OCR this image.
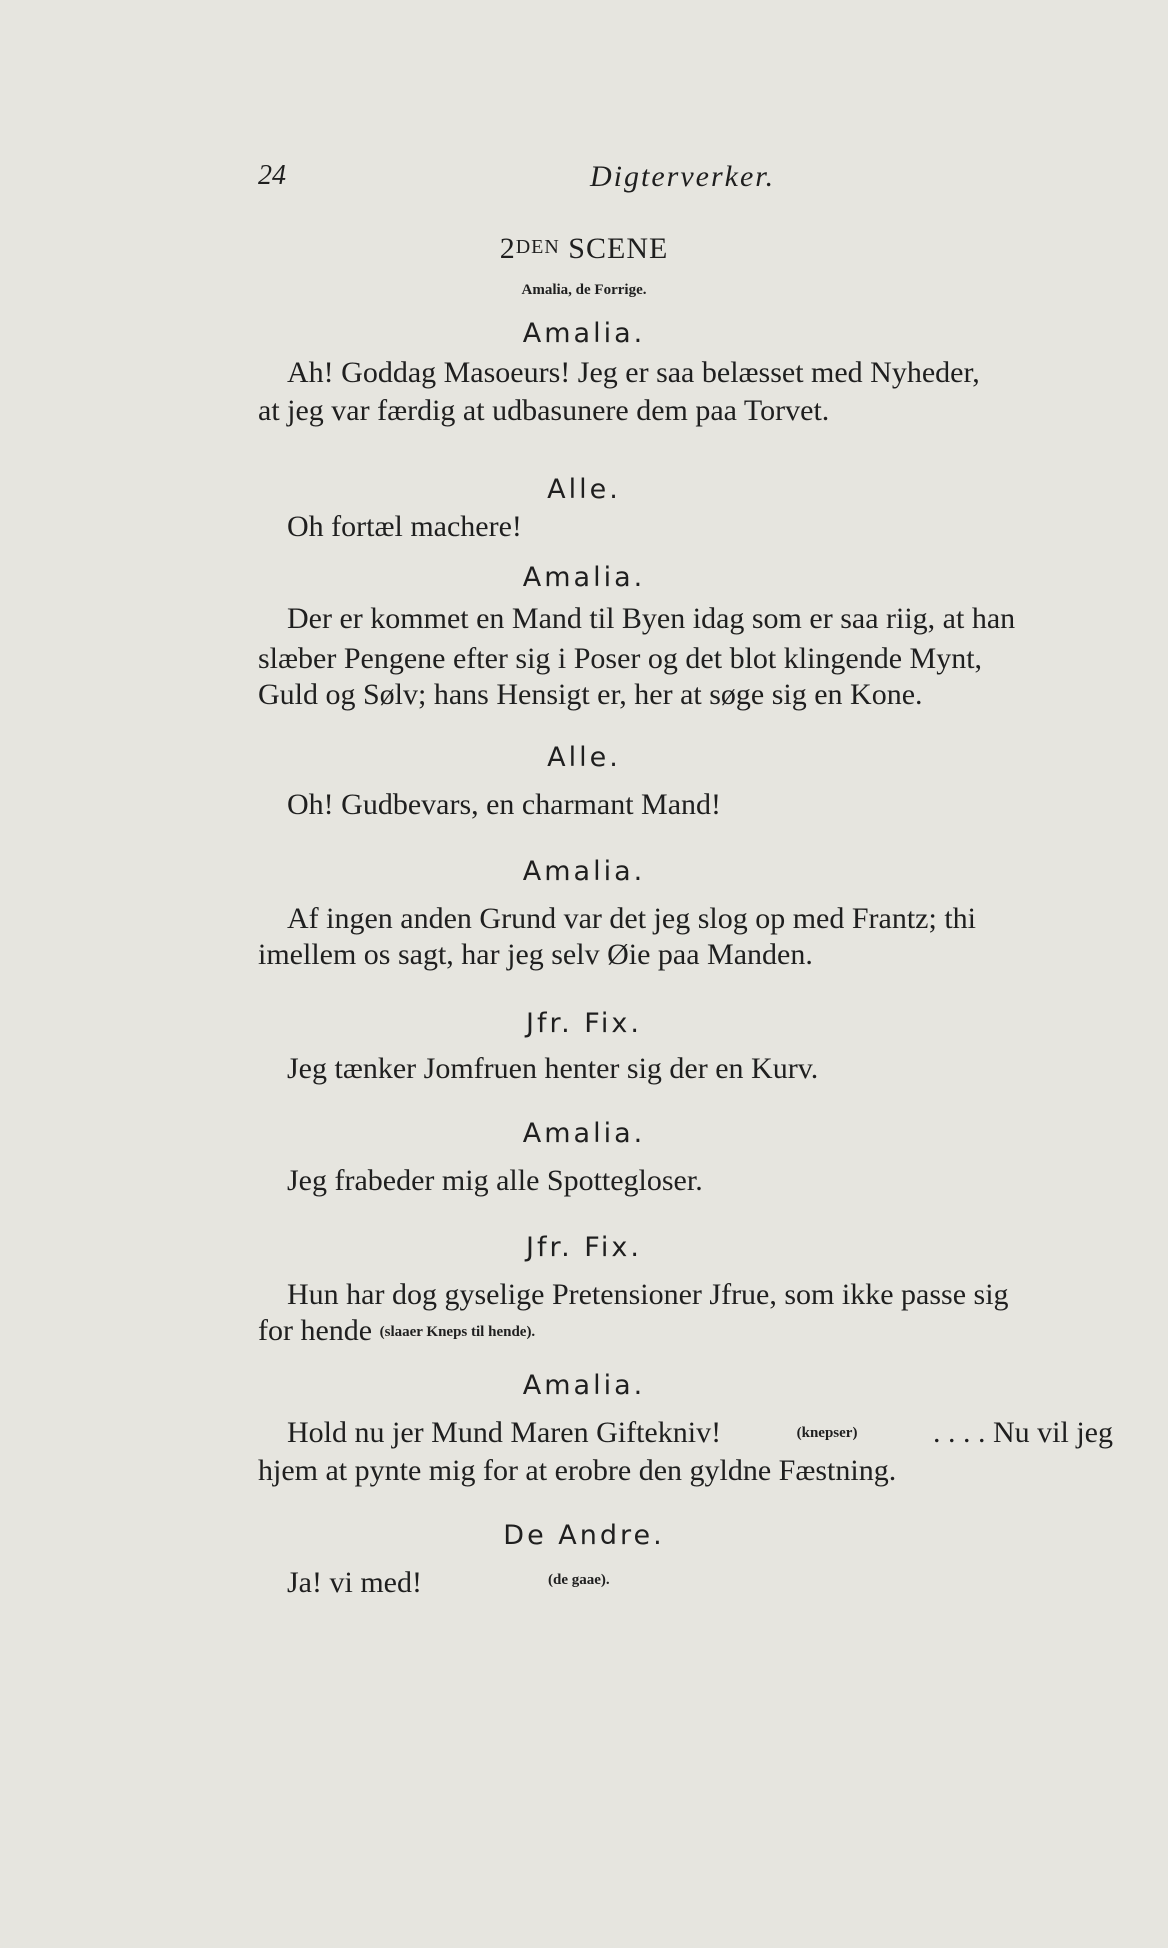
24	Digterverker.
2DEN SCENE
Amalia, de Forrige.
Amalia.
Ah! Goddag Masoeurs! Jeg er saa belæsset med Nyheder,
at jeg var færdig at udbasunere dem paa Torvet.
Alle.
Oh fortæl machere!
Amalia.
Der er kommet en Mand til Byen idag som er saa riig, at han
slæber Pengene efter sig i Poser og det blot klingende Mynt,
Guld og Sølv; hans Hensigt er, her at søge sig en Kone.
Alle.
Oh! Gudbevars, en charmant Mand!
Amalia.
Af ingen anden Grund var det jeg slog op med Frantz; thi
imellem os sagt, har jeg selv Øie paa Manden.
Jfr. Fix.
Jeg tænker Jomfruen henter sig der en Kurv.
Amalia.
Jeg frabeder mig alle Spottegloser.
Jfr. Fix.
Hun har dog gyselige Pretensioner Jfrue, som ikke passe sig
for hende (slaaer Kneps til hende).
Amalia.
Hold nu jer Mund Maren Giftekniv!	(knepser)	. . . . Nu vil jeg
hjem at pynte mig for at erobre den gyldne Fæstning.
De Andre.
Ja! vi med!	(de gaae).
